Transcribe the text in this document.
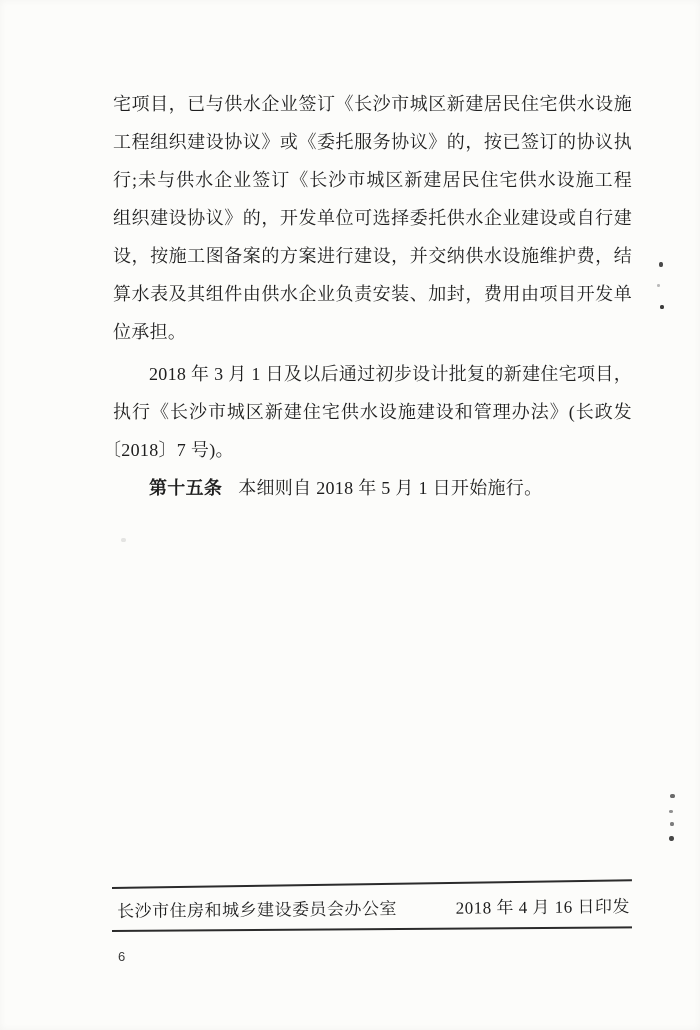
宅项目，已与供水企业签订《长沙市城区新建居民住宅供水设施

工程组织建设协议》或《委托服务协议》的，按已签订的协议执

行;未与供水企业签订《长沙市城区新建居民住宅供水设施工程

组织建设协议》的，开发单位可选择委托供水企业建设或自行建

设，按施工图备案的方案进行建设，并交纳供水设施维护费，结

算水表及其组件由供水企业负责安装、加封，费用由项目开发单

位承担。

2018 年 3 月 1 日及以后通过初步设计批复的新建住宅项目，

执行《长沙市城区新建住宅供水设施建设和管理办法》(长政发

〔2018〕7 号)。

第十五条 本细则自 2018 年 5 月 1 日开始施行。

长沙市住房和城乡建设委员会办公室	2018 年 4 月 16 日印发
6
